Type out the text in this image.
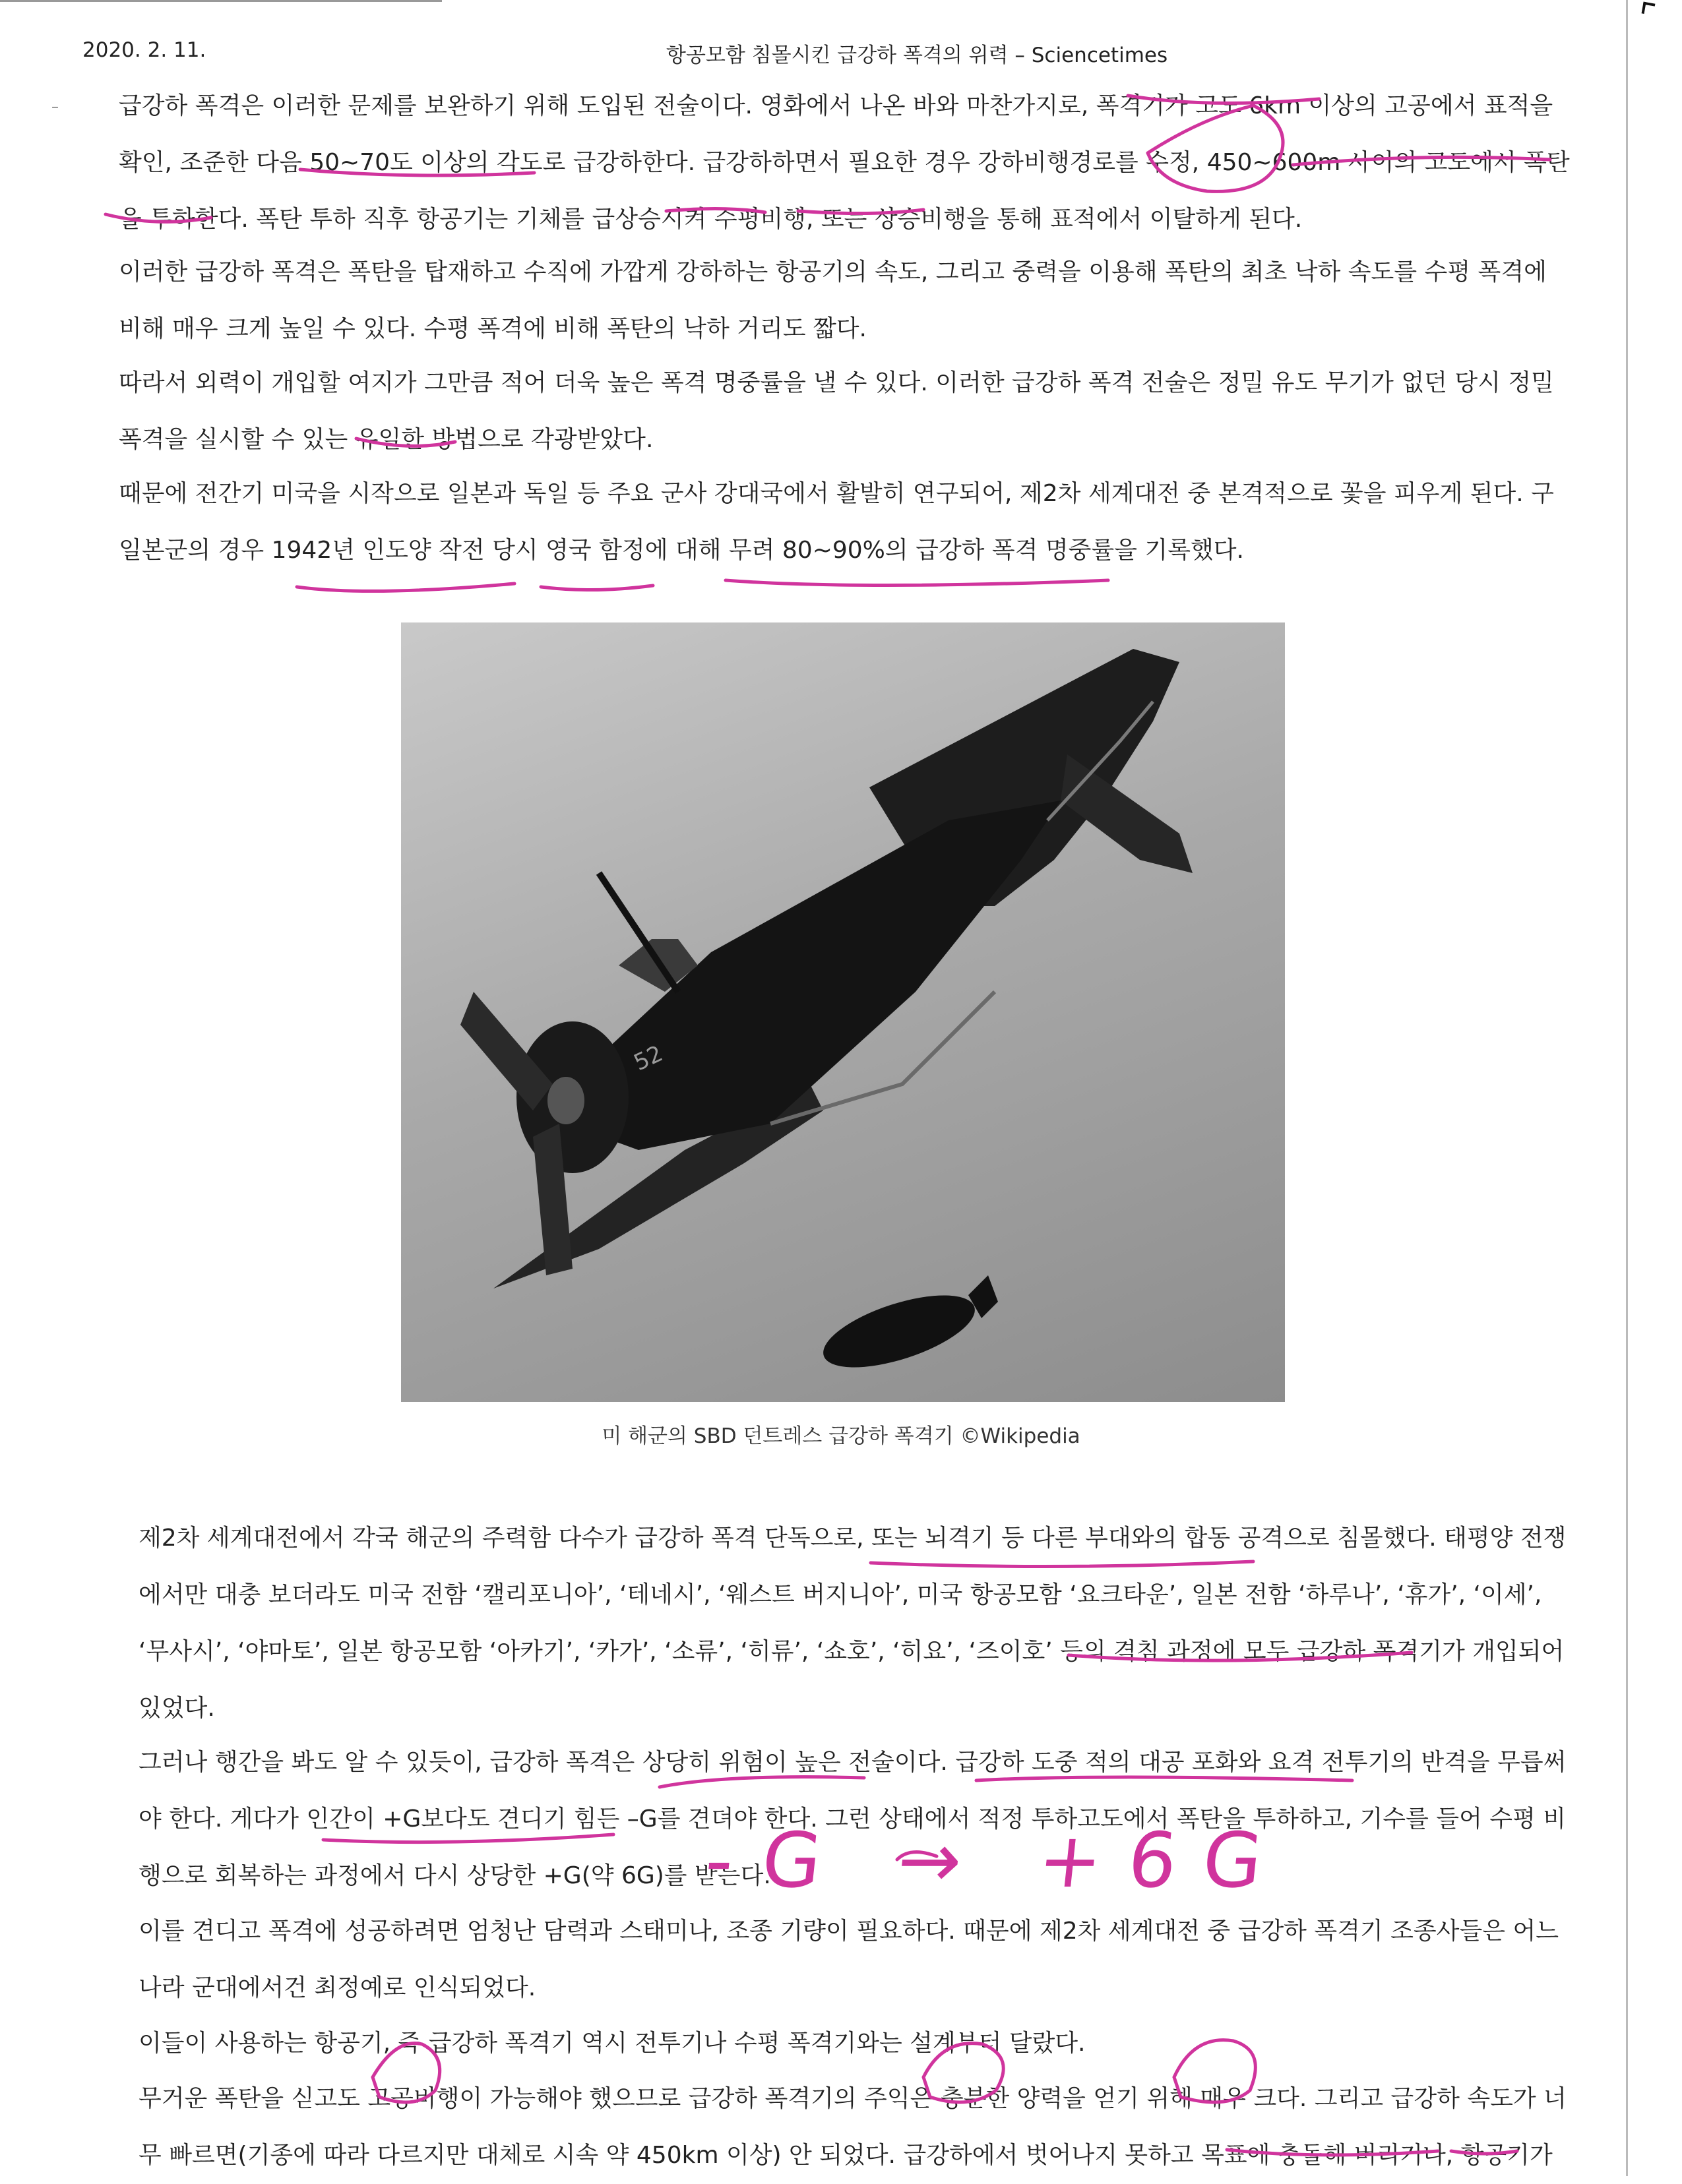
2020. 2. 11.	항공모함 침몰시킨 급강하 폭격의 위력 – Sciencetimes
–	급강하 폭격은 이러한 문제를 보완하기 위해 도입된 전술이다. 영화에서 나온 바와 마찬가지로, 폭격기가 고도 6km 이상의 고공에서 표적을 확인, 조준한 다음 50~70도 이상의 각도로 급강하한다. 급강하하면서 필요한 경우 강하비행경로를 수정, 450~600m 사이의 고도에서 폭탄을 투하한다. 폭탄 투하 직후 항공기는 기체를 급상승시켜 수평비행, 또는 상승비행을 통해 표적에서 이탈하게 된다.

이러한 급강하 폭격은 폭탄을 탑재하고 수직에 가깝게 강하하는 항공기의 속도, 그리고 중력을 이용해 폭탄의 최초 낙하 속도를 수평 폭격에 비해 매우 크게 높일 수 있다. 수평 폭격에 비해 폭탄의 낙하 거리도 짧다.

따라서 외력이 개입할 여지가 그만큼 적어 더욱 높은 폭격 명중률을 낼 수 있다. 이러한 급강하 폭격 전술은 정밀 유도 무기가 없던 당시 정밀 폭격을 실시할 수 있는 유일한 방법으로 각광받았다.

때문에 전간기 미국을 시작으로 일본과 독일 등 주요 군사 강대국에서 활발히 연구되어, 제2차 세계대전 중 본격적으로 꽃을 피우게 된다. 구 일본군의 경우 1942년 인도양 작전 당시 영국 함정에 대해 무려 80~90%의 급강하 폭격 명중률을 기록했다.

52
미 해군의 SBD 던트레스 급강하 폭격기 ©Wikipedia

제2차 세계대전에서 각국 해군의 주력함 다수가 급강하 폭격 단독으로, 또는 뇌격기 등 다른 부대와의 합동 공격으로 침몰했다. 태평양 전쟁에서만 대충 보더라도 미국 전함 ‘캘리포니아’, ‘테네시’, ‘웨스트 버지니아’, 미국 항공모함 ‘요크타운’, 일본 전함 ‘하루나’, ‘휴가’, ‘이세’, ‘무사시’, ‘야마토’, 일본 항공모함 ‘아카기’, ‘카가’, ‘소류’, ‘히류’, ‘쇼호’, ‘히요’, ‘즈이호’ 등의 격침 과정에 모두 급강하 폭격기가 개입되어 있었다.

그러나 행간을 봐도 알 수 있듯이, 급강하 폭격은 상당히 위험이 높은 전술이다. 급강하 도중 적의 대공 포화와 요격 전투기의 반격을 무릅써야 한다. 게다가 인간이 +G보다도 견디기 힘든 –G를 견뎌야 한다. 그런 상태에서 적정 투하고도에서 폭탄을 투하하고, 기수를 들어 수평 비행으로 회복하는 과정에서 다시 상당한 +G(약 6G)를 받는다.

이를 견디고 폭격에 성공하려면 엄청난 담력과 스태미나, 조종 기량이 필요하다. 때문에 제2차 세계대전 중 급강하 폭격기 조종사들은 어느 나라 군대에서건 최정예로 인식되었다.

이들이 사용하는 항공기, 즉 급강하 폭격기 역시 전투기나 수평 폭격기와는 설계부터 달랐다.

무거운 폭탄을 싣고도 고공비행이 가능해야 했으므로 급강하 폭격기의 주익은 충분한 양력을 얻기 위해 매우 크다. 그리고 급강하 속도가 너무 빠르면(기종에 따라 다르지만 대체로 시속 약 450km 이상) 안 되었다. 급강하에서 벗어나지 못하고 목표에 충돌해 버리거나, 항공기가

-G → +6G
